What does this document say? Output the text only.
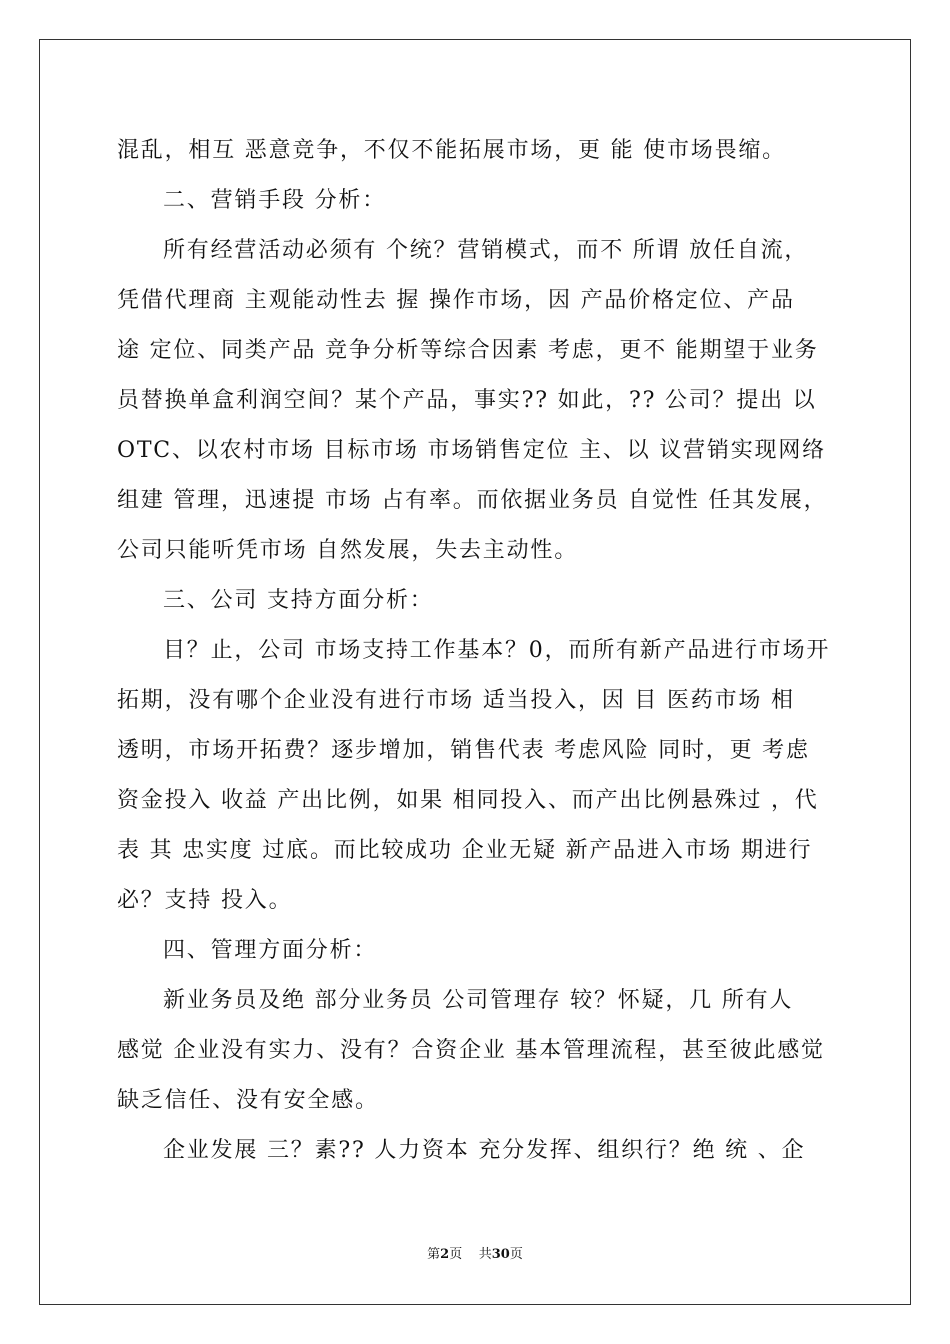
混乱，相互 恶意竞争，不仅不能拓展市场，更 能 使市场畏缩。
二、营销手段 分析：
所有经营活动必须有 个统？营销模式，而不 所谓 放任自流，
凭借代理商 主观能动性去 握 操作市场，因 产品价格定位、产品
途 定位、同类产品 竞争分析等综合因素 考虑，更不 能期望于业务
员替换单盒利润空间？某个产品，事实?? 如此，?? 公司？提出 以
OTC、以农村市场 目标市场 市场销售定位 主、以 议营销实现网络
组建 管理，迅速提 市场 占有率。而依据业务员 自觉性 任其发展，
公司只能听凭市场 自然发展，失去主动性。
三、公司 支持方面分析：
目？止，公司 市场支持工作基本？0，而所有新产品进行市场开
拓期，没有哪个企业没有进行市场 适当投入，因 目 医药市场 相
透明，市场开拓费？逐步增加，销售代表 考虑风险 同时，更 考虑
资金投入 收益 产出比例，如果 相同投入、而产出比例悬殊过 ，代
表 其 忠实度 过底。而比较成功 企业无疑 新产品进入市场 期进行
必？支持 投入。
四、管理方面分析：
新业务员及绝 部分业务员 公司管理存 较？怀疑，几 所有人
感觉 企业没有实力、没有？合资企业 基本管理流程，甚至彼此感觉
缺乏信任、没有安全感。
企业发展 三？素?? 人力资本 充分发挥、组织行？绝 统 、企
第2页 共30页
